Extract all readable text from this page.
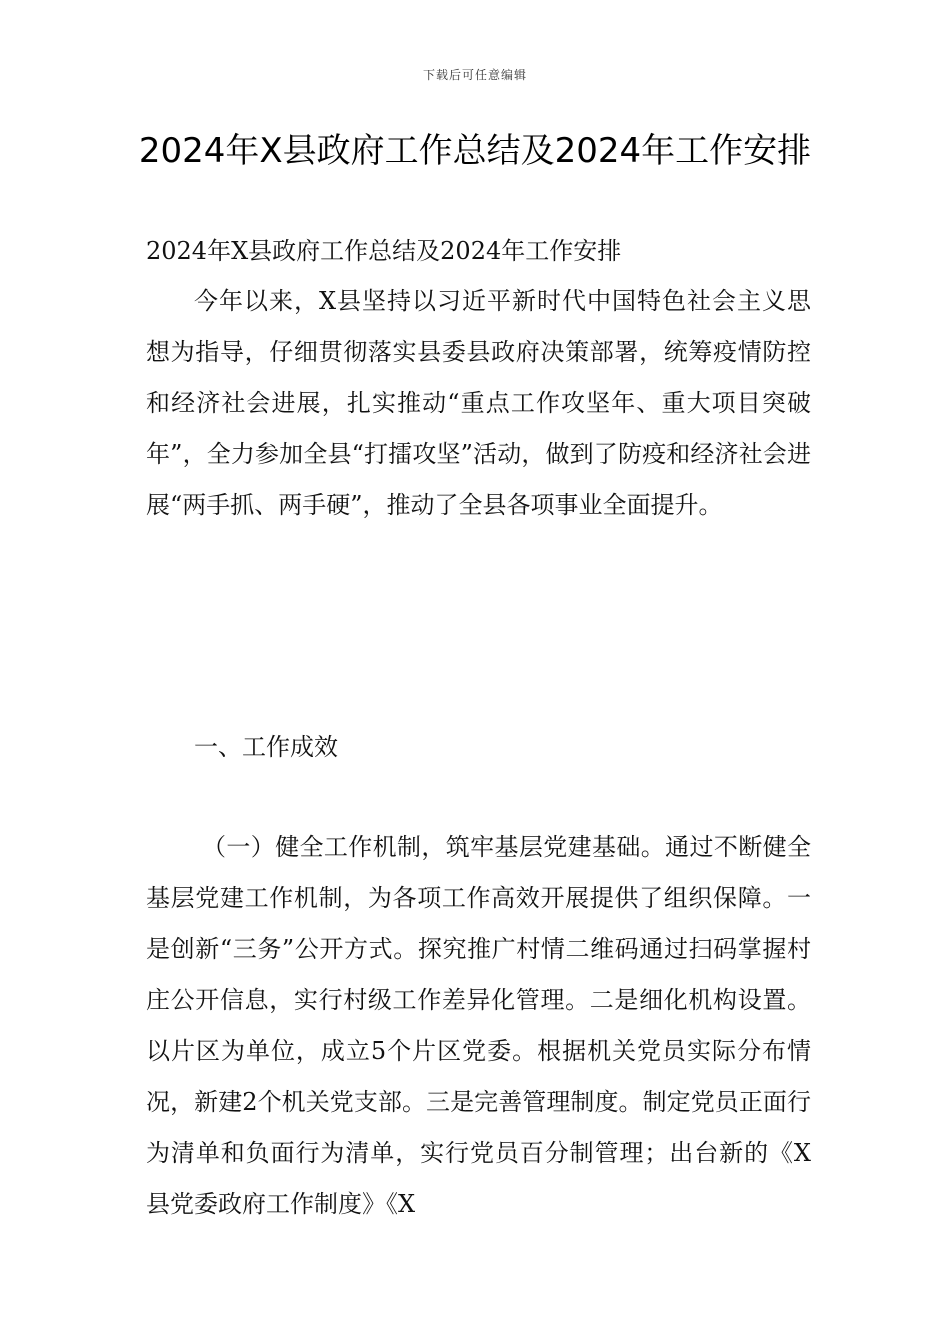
下载后可任意编辑
2024年X县政府工作总结及2024年工作安排

2024年X县政府工作总结及2024年工作安排

今年以来，X县坚持以习近平新时代中国特色社会主义思想为指导，仔细贯彻落实县委县政府决策部署，统筹疫情防控和经济社会进展，扎实推动“重点工作攻坚年、重大项目突破年”，全力参加全县“打擂攻坚”活动，做到了防疫和经济社会进展“两手抓、两手硬”，推动了全县各项事业全面提升。

一、工作成效

（一）健全工作机制，筑牢基层党建基础。通过不断健全基层党建工作机制，为各项工作高效开展提供了组织保障。一是创新“三务”公开方式。探究推广村情二维码通过扫码掌握村庄公开信息，实行村级工作差异化管理。二是细化机构设置。以片区为单位，成立5个片区党委。根据机关党员实际分布情况，新建2个机关党支部。三是完善管理制度。制定党员正面行为清单和负面行为清单，实行党员百分制管理；出台新的《X县党委政府工作制度》《X
